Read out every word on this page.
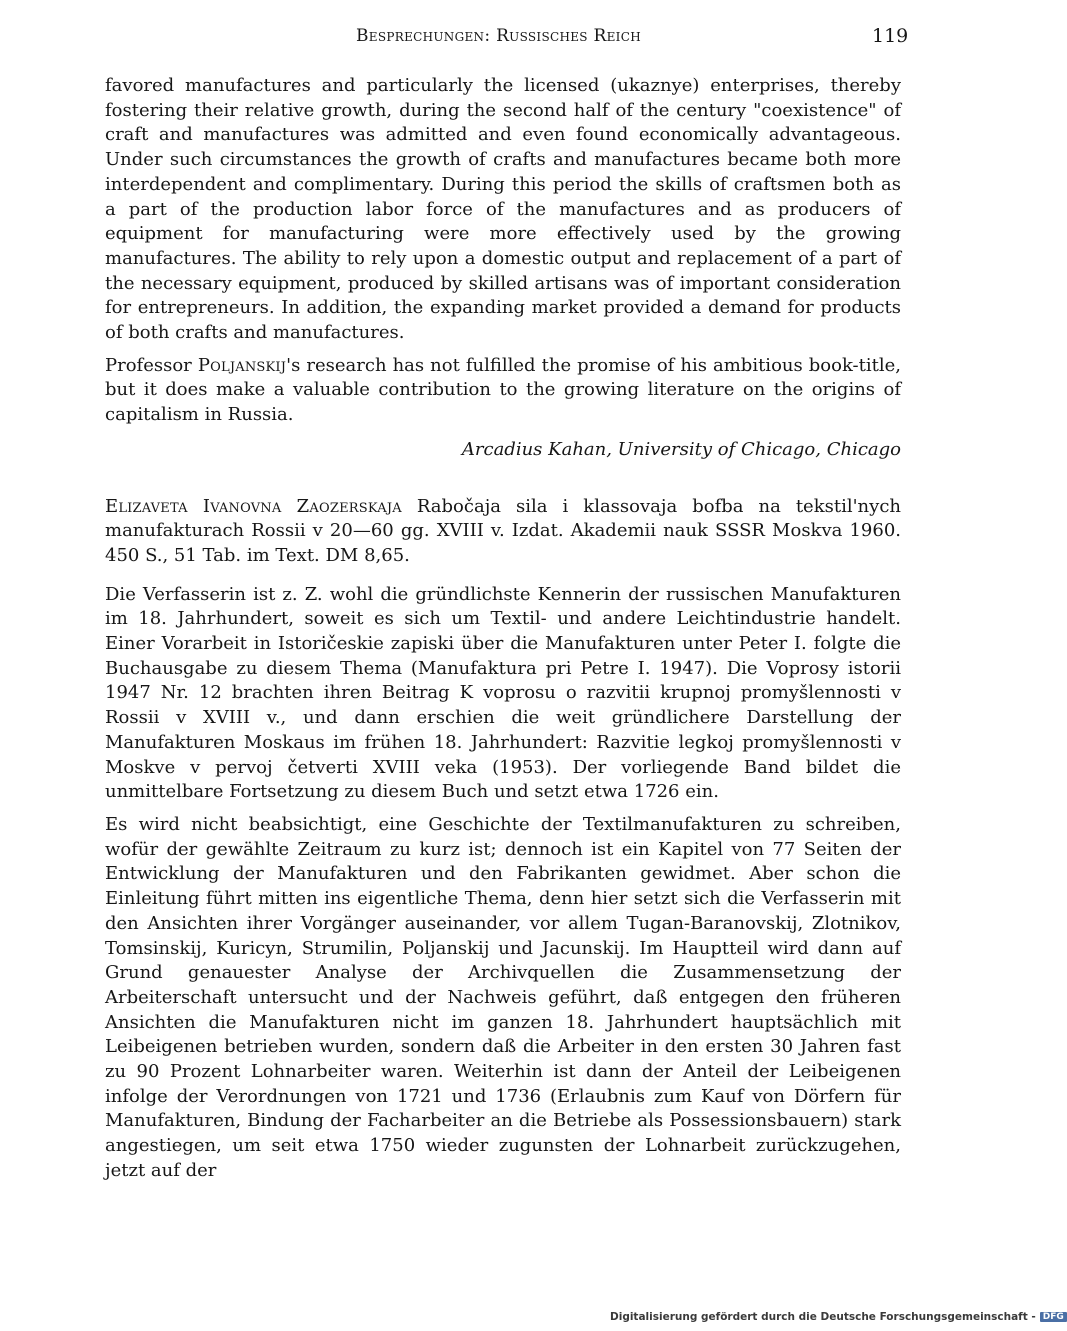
Besprechungen: Russisches Reich	119

favored manufactures and particularly the licensed (ukaznye) enterprises, thereby fostering their relative growth, during the second half of the century "coexistence" of craft and manufactures was admitted and even found economically advantageous. Under such circumstances the growth of crafts and manufactures became both more interdependent and complimentary. During this period the skills of craftsmen both as a part of the production labor force of the manufactures and as producers of equipment for manufacturing were more effectively used by the growing manufactures. The ability to rely upon a domestic output and replacement of a part of the necessary equipment, produced by skilled artisans was of important consideration for entrepreneurs. In addition, the expanding market provided a demand for products of both crafts and manufactures.

Professor Poljanskij's research has not fulfilled the promise of his ambitious book-title, but it does make a valuable contribution to the growing literature on the origins of capitalism in Russia.

Arcadius Kahan, University of Chicago, Chicago

Elizaveta Ivanovna Zaozerskaja Rabočaja sila i klassovaja bofba na tekstil'nych manufakturach Rossii v 20—60 gg. XVIII v. Izdat. Akademii nauk SSSR Moskva 1960. 450 S., 51 Tab. im Text. DM 8,65.

Die Verfasserin ist z. Z. wohl die gründlichste Kennerin der russischen Manufakturen im 18. Jahrhundert, soweit es sich um Textil- und andere Leichtindustrie handelt. Einer Vorarbeit in Istoričeskie zapiski über die Manufakturen unter Peter I. folgte die Buchausgabe zu diesem Thema (Manufaktura pri Petre I. 1947). Die Voprosy istorii 1947 Nr. 12 brachten ihren Beitrag K voprosu o razvitii krupnoj promyšlennosti v Rossii v XVIII v., und dann erschien die weit gründlichere Darstellung der Manufakturen Moskaus im frühen 18. Jahrhundert: Razvitie legkoj promyšlennosti v Moskve v pervoj četverti XVIII veka (1953). Der vorliegende Band bildet die unmittelbare Fortsetzung zu diesem Buch und setzt etwa 1726 ein.

Es wird nicht beabsichtigt, eine Geschichte der Textilmanufakturen zu schreiben, wofür der gewählte Zeitraum zu kurz ist; dennoch ist ein Kapitel von 77 Seiten der Entwicklung der Manufakturen und den Fabrikanten gewidmet. Aber schon die Einleitung führt mitten ins eigentliche Thema, denn hier setzt sich die Verfasserin mit den Ansichten ihrer Vorgänger auseinander, vor allem Tugan-Baranovskij, Zlotnikov, Tomsinskij, Kuricyn, Strumilin, Poljanskij und Jacunskij. Im Hauptteil wird dann auf Grund genauester Analyse der Archivquellen die Zusammensetzung der Arbeiterschaft untersucht und der Nachweis geführt, daß entgegen den früheren Ansichten die Manufakturen nicht im ganzen 18. Jahrhundert hauptsächlich mit Leibeigenen betrieben wurden, sondern daß die Arbeiter in den ersten 30 Jahren fast zu 90 Prozent Lohnarbeiter waren. Weiterhin ist dann der Anteil der Leibeigenen infolge der Verordnungen von 1721 und 1736 (Erlaubnis zum Kauf von Dörfern für Manufakturen, Bindung der Facharbeiter an die Betriebe als Possessionsbauern) stark angestiegen, um seit etwa 1750 wieder zugunsten der Lohnarbeit zurückzugehen, jetzt auf der

Digitalisierung gefördert durch die Deutsche Forschungsgemeinschaft - DFG
